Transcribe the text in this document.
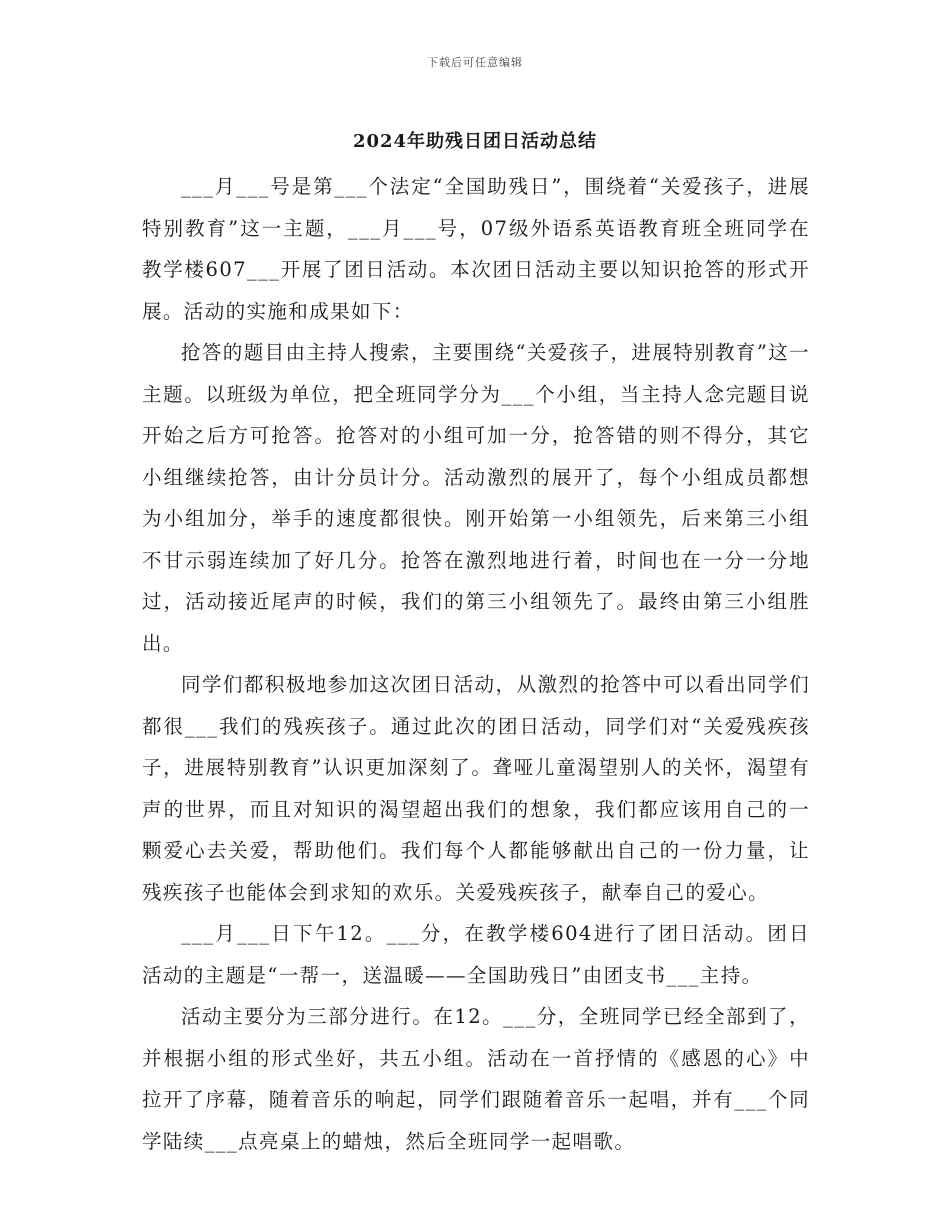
下载后可任意编辑
2024年助残日团日活动总结

___月___号是第___个法定“全国助残日”，围绕着“关爱孩子，进展特别教育”这一主题，___月___号，07级外语系英语教育班全班同学在教学楼607___开展了团日活动。本次团日活动主要以知识抢答的形式开展。活动的实施和成果如下：

抢答的题目由主持人搜索，主要围绕“关爱孩子，进展特别教育”这一主题。以班级为单位，把全班同学分为___个小组，当主持人念完题目说开始之后方可抢答。抢答对的小组可加一分，抢答错的则不得分，其它小组继续抢答，由计分员计分。活动激烈的展开了，每个小组成员都想为小组加分，举手的速度都很快。刚开始第一小组领先，后来第三小组不甘示弱连续加了好几分。抢答在激烈地进行着，时间也在一分一分地过，活动接近尾声的时候，我们的第三小组领先了。最终由第三小组胜出。

同学们都积极地参加这次团日活动，从激烈的抢答中可以看出同学们都很___我们的残疾孩子。通过此次的团日活动，同学们对“关爱残疾孩子，进展特别教育”认识更加深刻了。聋哑儿童渴望别人的关怀，渴望有声的世界，而且对知识的渴望超出我们的想象，我们都应该用自己的一颗爱心去关爱，帮助他们。我们每个人都能够献出自己的一份力量，让残疾孩子也能体会到求知的欢乐。关爱残疾孩子，献奉自己的爱心。

___月___日下午12。___分，在教学楼604进行了团日活动。团日活动的主题是“一帮一，送温暖——全国助残日”由团支书___主持。

活动主要分为三部分进行。在12。___分，全班同学已经全部到了，并根据小组的形式坐好，共五小组。活动在一首抒情的《感恩的心》中拉开了序幕，随着音乐的响起，同学们跟随着音乐一起唱，并有___个同学陆续___点亮桌上的蜡烛，然后全班同学一起唱歌。
